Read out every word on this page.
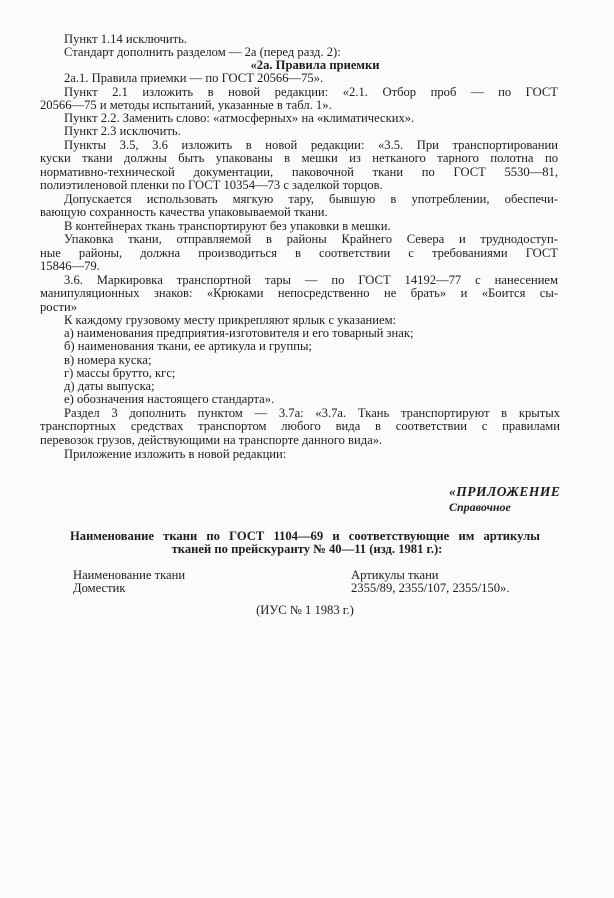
Пункт 1.14 исключить.
Стандарт дополнить разделом — 2а (перед разд. 2):
«2а. Правила приемки
2а.1. Правила приемки — по ГОСТ 20566—75».
Пункт 2.1 изложить в новой редакции: «2.1. Отбор проб — по ГОСТ
20566—75 и методы испытаний, указанные в табл. 1».
Пункт 2.2. Заменить слово: «атмосферных» на «климатических».
Пункт 2.3 исключить.
Пункты 3.5, 3.6 изложить в новой редакции: «3.5. При транспортировании
куски ткани должны быть упакованы в мешки из нетканого тарного полотна по
нормативно-технической документации, паковочной ткани по ГОСТ 5530—81,
полиэтиленовой пленки по ГОСТ 10354—73 с заделкой торцов.
Допускается использовать мягкую тару, бывшую в употреблении, обеспечи-
вающую сохранность качества упаковываемой ткани.
В контейнерах ткань транспортируют без упаковки в мешки.
Упаковка ткани, отправляемой в районы Крайнего Севера и труднодоступ-
ные районы, должна производиться в соответствии с требованиями ГОСТ
15846—79.
3.6. Маркировка транспортной тары — по ГОСТ 14192—77 с нанесением
манипуляционных знаков: «Крюками непосредственно не брать» и «Боится сы-
рости»
К каждому грузовому месту прикрепляют ярлык с указанием:
а) наименования предприятия-изготовителя и его товарный знак;
б) наименования ткани, ее артикула и группы;
в) номера куска;
г) массы брутто, кгс;
д) даты выпуска;
е) обозначения настоящего стандарта».
Раздел 3 дополнить пунктом — 3.7а: «3.7а. Ткань транспортируют в крытых
транспортных средствах транспортом любого вида в соответствии с правилами
перевозок грузов, действующими на транспорте данного вида».
Приложение изложить в новой редакции:
«ПРИЛОЖЕНИЕ
Справочное
Наименование ткани по ГОСТ 1104—69 и соответствующие им артикулы
тканей по прейскуранту № 40—11 (изд. 1981 г.):
Наименование ткани	Артикулы ткани
Доместик	2355/89, 2355/107, 2355/150».
(ИУС № 1 1983 г.)
